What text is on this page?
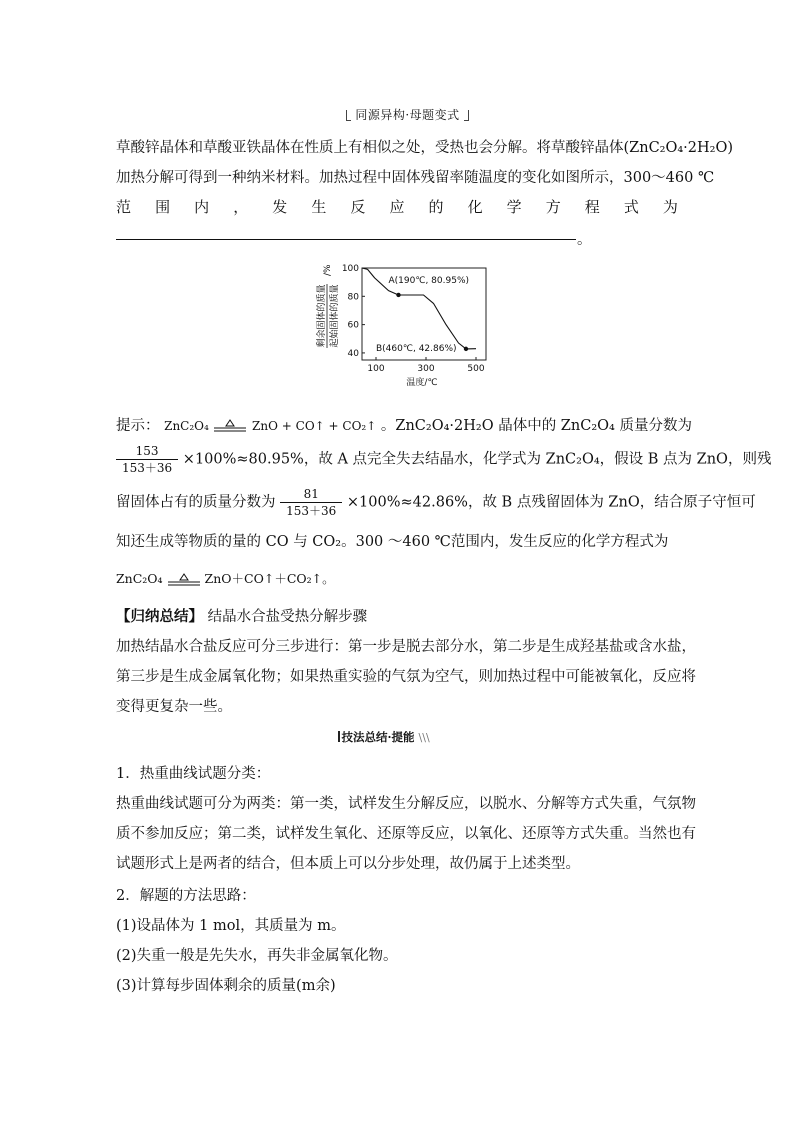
同源异构·母题变式
草酸锌晶体和草酸亚铁晶体在性质上有相似之处，受热也会分解。将草酸锌晶体(ZnC₂O₄·2H₂O)
加热分解可得到一种纳米材料。加热过程中固体残留率随温度的变化如图所示，300～460 ℃
范 围 内 ， 发 生 反 应 的 化 学 方 程 式 为
。
100
80
60
40
100	300	500
A(190℃, 80.95%)
B(460℃, 42.86%)
温度/℃
剩余固体的质量 起始固体的质量
/%
提示： ZnC₂O₄	ZnO + CO↑ + CO₂↑ 。ZnC₂O₄·2H₂O 晶体中的 ZnC₂O₄ 质量分数为
$\frac{153}{153+36} \times 100\%\approx 80.95\%$，故 A 点完全失去结晶水，化学式为 ZnC₂O₄，假设 B 点为 ZnO，则残
留固体占有的质量分数为 $\frac{81}{153+36} \times 100\%\approx 42.86\%$，故 B 点残留固体为 ZnO，结合原子守恒可
知还生成等物质的量的 CO 与 CO₂。300 ～460 ℃范围内，发生反应的化学方程式为
ZnC₂O₄	ZnO＋CO↑＋CO₂↑。
【归纳总结】 结晶水合盐受热分解步骤
加热结晶水合盐反应可分三步进行：第一步是脱去部分水，第二步是生成羟基盐或含水盐，
第三步是生成金属氧化物；如果热重实验的气氛为空气，则加热过程中可能被氧化，反应将
变得更复杂一些。
技法总结·提能 \\\
1．热重曲线试题分类：
热重曲线试题可分为两类：第一类，试样发生分解反应，以脱水、分解等方式失重，气氛物
质不参加反应；第二类，试样发生氧化、还原等反应，以氧化、还原等方式失重。当然也有
试题形式上是两者的结合，但本质上可以分步处理，故仍属于上述类型。
2．解题的方法思路：
(1)设晶体为 1 mol，其质量为 m。
(2)失重一般是先失水，再失非金属氧化物。
(3)计算每步固体剩余的质量(m余)
